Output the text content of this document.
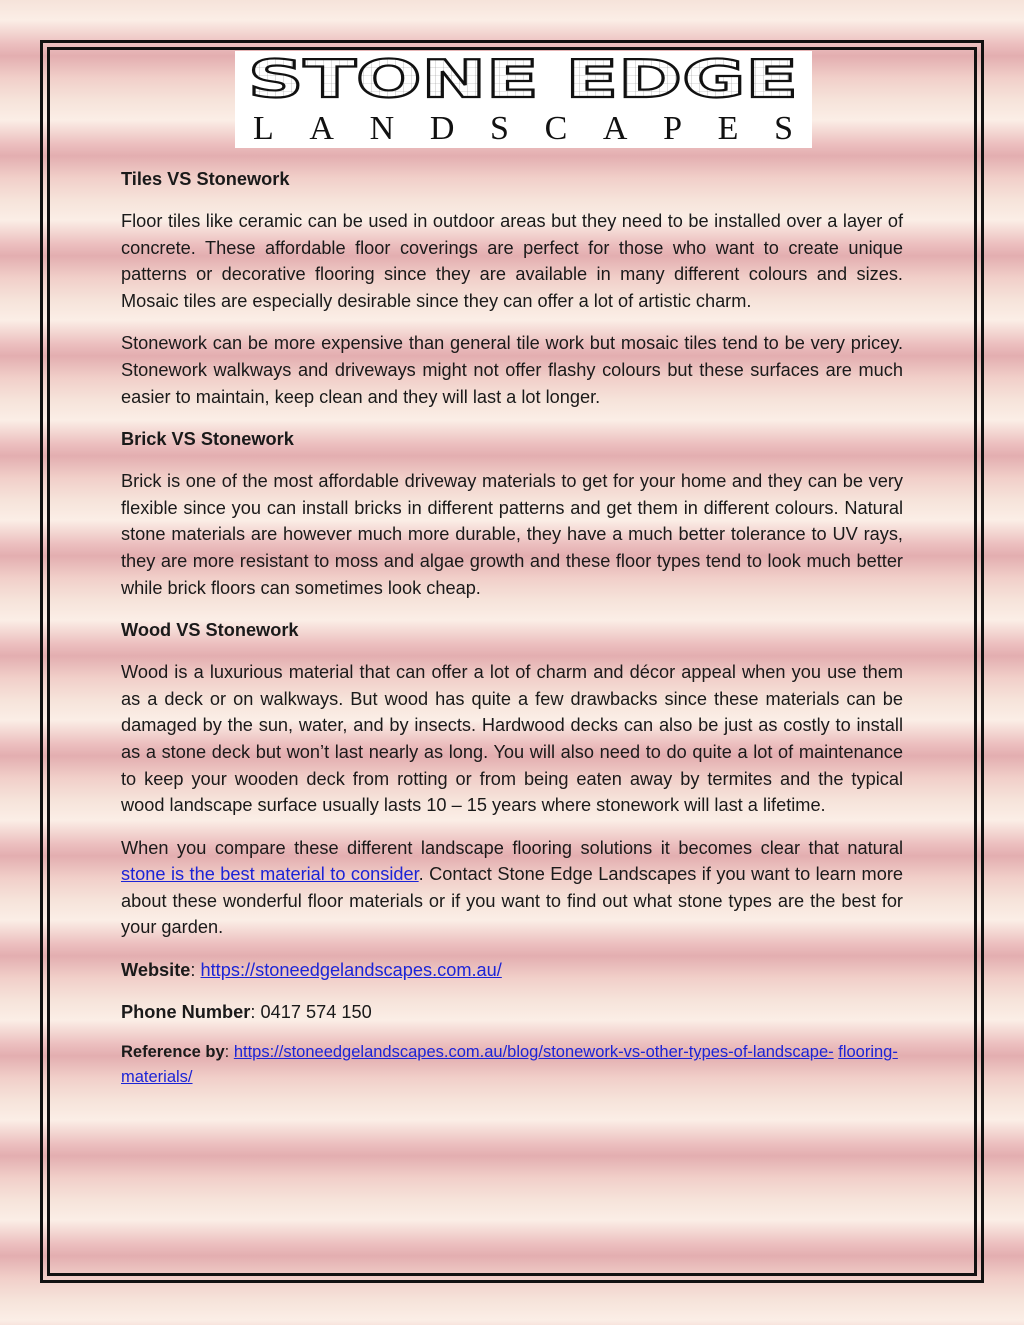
STONE EDGE
LANDSCAPES
Tiles VS Stonework

Floor tiles like ceramic can be used in outdoor areas but they need to be installed over a layer of concrete. These affordable floor coverings are perfect for those who want to create unique patterns or decorative flooring since they are available in many different colours and sizes. Mosaic tiles are especially desirable since they can offer a lot of artistic charm.

Stonework can be more expensive than general tile work but mosaic tiles tend to be very pricey. Stonework walkways and driveways might not offer flashy colours but these surfaces are much easier to maintain, keep clean and they will last a lot longer.

Brick VS Stonework

Brick is one of the most affordable driveway materials to get for your home and they can be very flexible since you can install bricks in different patterns and get them in different colours. Natural stone materials are however much more durable, they have a much better tolerance to UV rays, they are more resistant to moss and algae growth and these floor types tend to look much better while brick floors can sometimes look cheap.

Wood VS Stonework

Wood is a luxurious material that can offer a lot of charm and décor appeal when you use them as a deck or on walkways. But wood has quite a few drawbacks since these materials can be damaged by the sun, water, and by insects. Hardwood decks can also be just as costly to install as a stone deck but won’t last nearly as long. You will also need to do quite a lot of maintenance to keep your wooden deck from rotting or from being eaten away by termites and the typical wood landscape surface usually lasts 10 – 15 years where stonework will last a lifetime.

When you compare these different landscape flooring solutions it becomes clear that natural stone is the best material to consider. Contact Stone Edge Landscapes if you want to learn more about these wonderful floor materials or if you want to find out what stone types are the best for your garden.

Website: https://stoneedgelandscapes.com.au/
Phone Number: 0417 574 150
Reference by: https://stoneedgelandscapes.com.au/blog/stonework-vs-other-types-of-landscape- flooring-materials/
